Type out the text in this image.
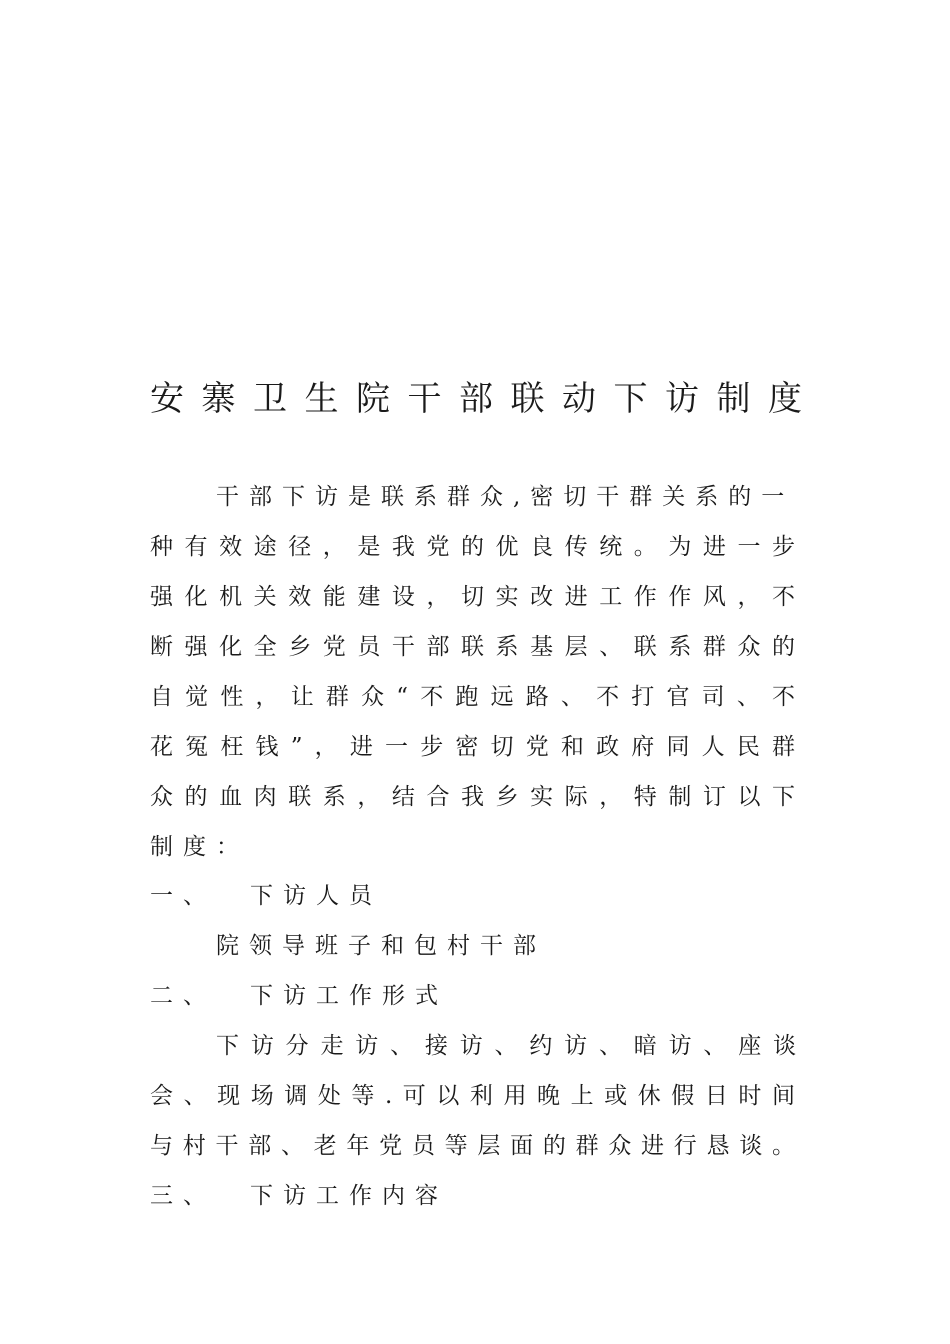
安寨卫生院干部联动下访制度
干部下访是联系群众,密切干群关系的一
种有效途径，是我党的优良传统。为进一步
强化机关效能建设，切实改进工作作风，不
断强化全乡党员干部联系基层、联系群众的
自觉性，让群众“不跑远路、不打官司、不
花冤枉钱”，进一步密切党和政府同人民群
众的血肉联系，结合我乡实际，特制订以下
制度：
一、 下访人员
院领导班子和包村干部
二、 下访工作形式
下访分走访、接访、约访、暗访、座谈
会、现场调处等.可以利用晚上或休假日时间
与村干部、老年党员等层面的群众进行恳谈。
三、 下访工作内容
